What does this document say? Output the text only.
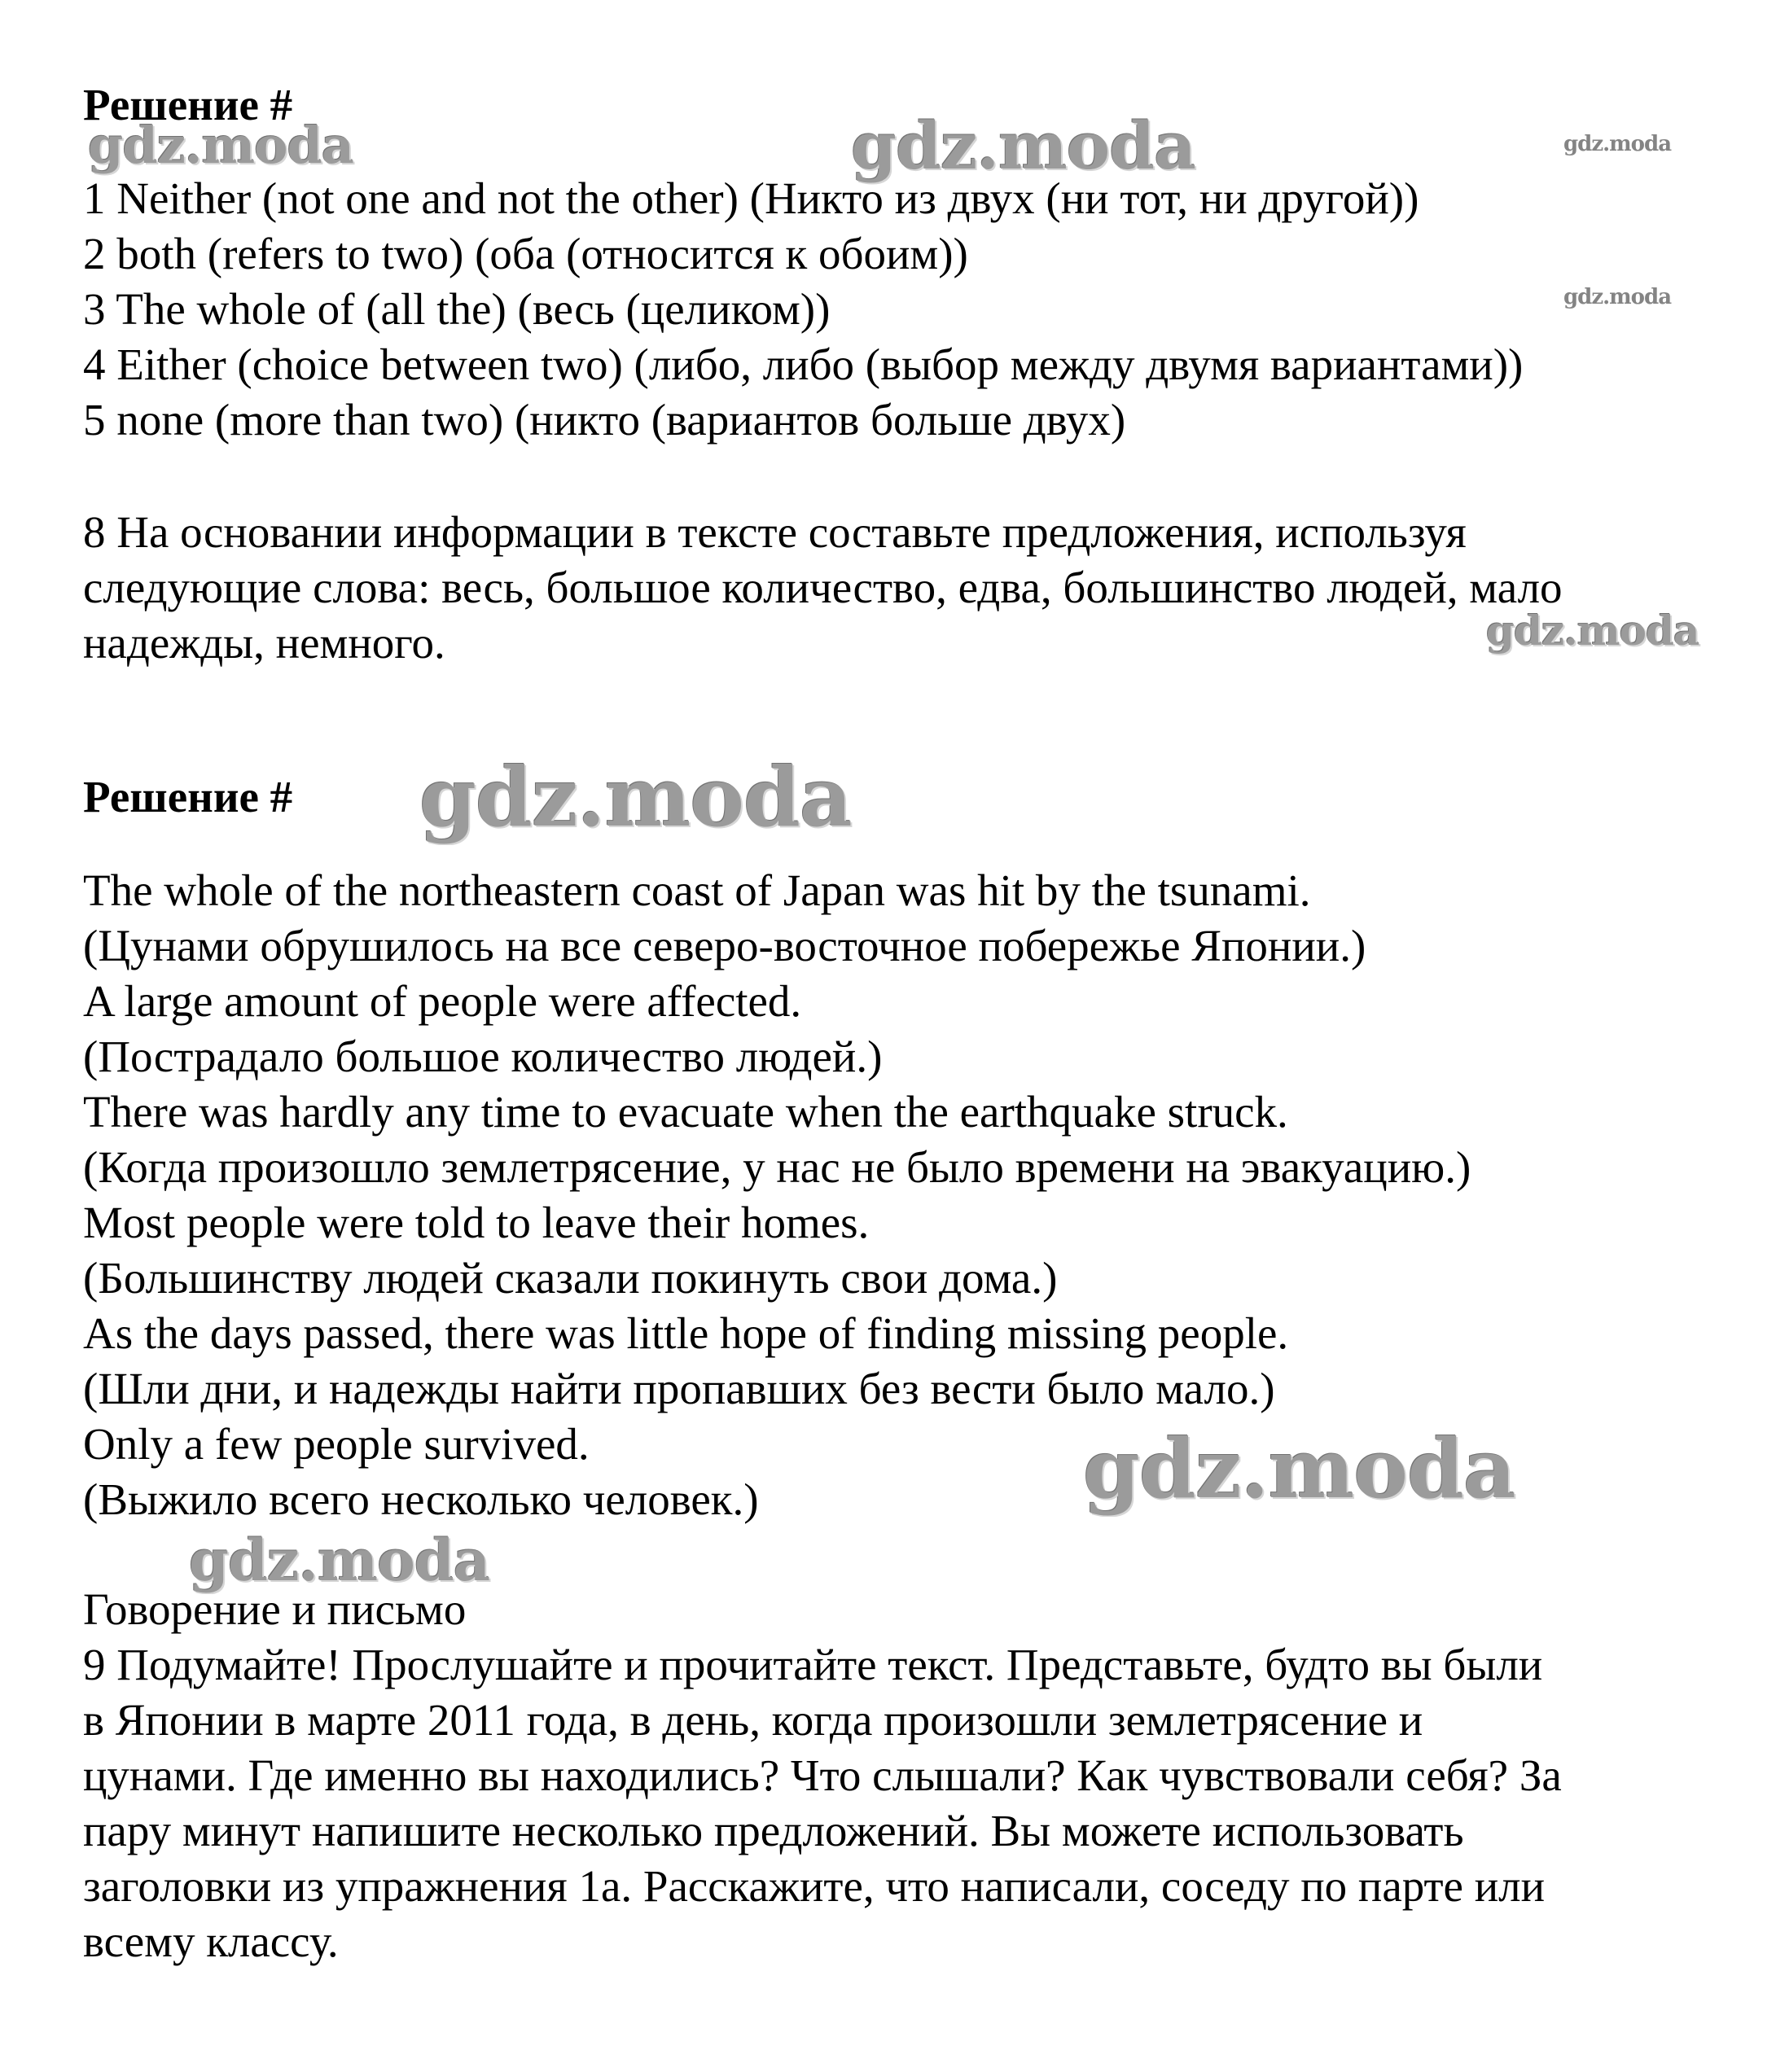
Решение #

1 Neither (not one and not the other) (Никто из двух (ни тот, ни другой))

2 both (refers to two) (оба (относится к обоим))

3 The whole of (all the) (весь (целиком))

4 Either (choice between two) (либо, либо (выбор между двумя вариантами))

5 none (more than two) (никто (вариантов больше двух)

8 На основании информации в тексте составьте предложения, используя

следующие слова: весь, большое количество, едва, большинство людей, мало

надежды, немного.

Решение #

The whole of the northeastern coast of Japan was hit by the tsunami.

(Цунами обрушилось на все северо-восточное побережье Японии.)

A large amount of people were affected.

(Пострадало большое количество людей.)

There was hardly any time to evacuate when the earthquake struck.

(Когда произошло землетрясение, у нас не было времени на эвакуацию.)

Most people were told to leave their homes.

(Большинству людей сказали покинуть свои дома.)

As the days passed, there was little hope of finding missing people.

(Шли дни, и надежды найти пропавших без вести было мало.)

Only a few people survived.

(Выжило всего несколько человек.)

Говорение и письмо

9 Подумайте! Прослушайте и прочитайте текст. Представьте, будто вы были

в Японии в марте 2011 года, в день, когда произошли землетрясение и

цунами. Где именно вы находились? Что слышали? Как чувствовали себя? За

пару минут напишите несколько предложений. Вы можете использовать

заголовки из упражнения 1а. Расскажите, что написали, соседу по парте или

всему классу.

gdz.moda	gdz.moda	gdz.moda
gdz.moda
gdz.moda
gdz.moda
gdz.moda
gdz.moda
